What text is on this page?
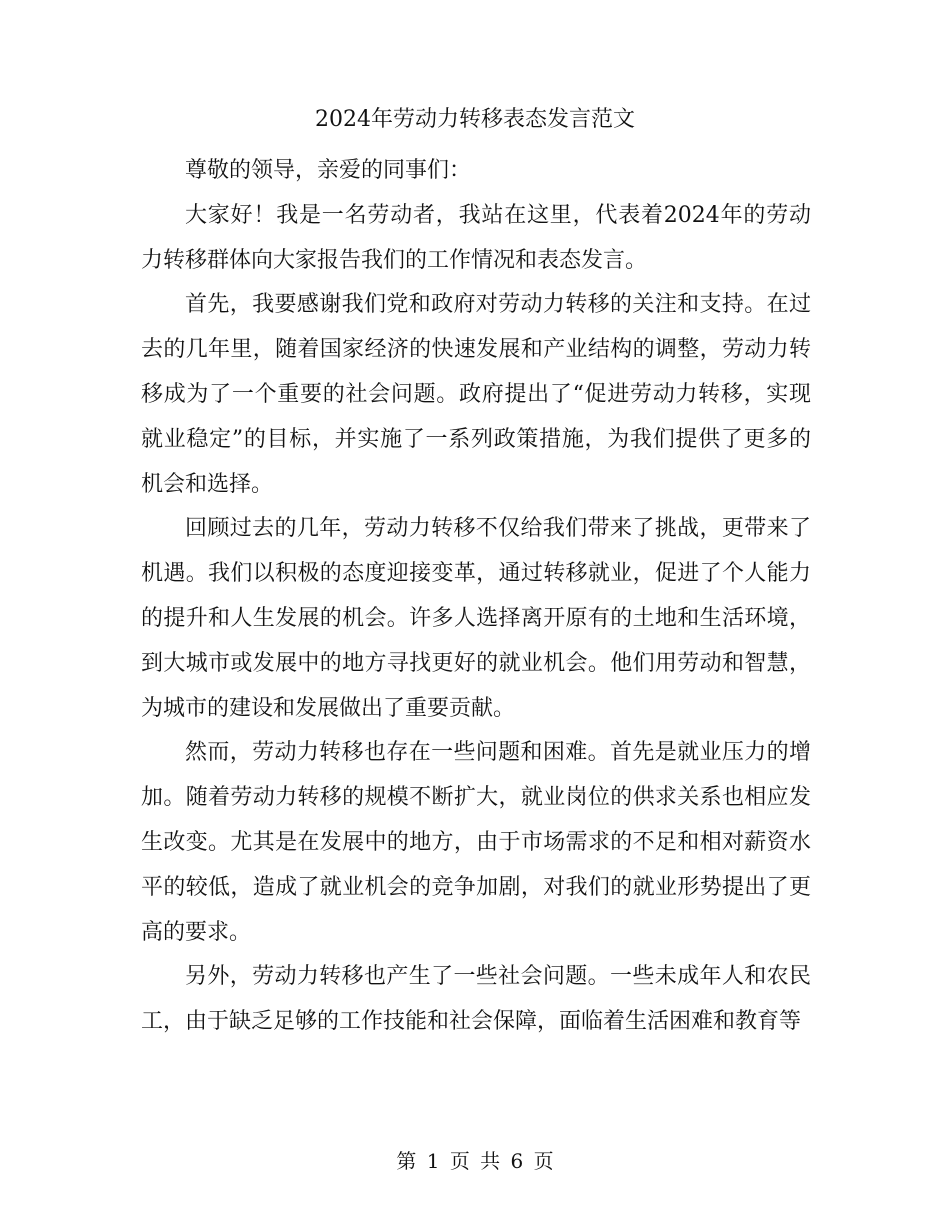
2024年劳动力转移表态发言范文

尊敬的领导，亲爱的同事们：

大家好！我是一名劳动者，我站在这里，代表着2024年的劳动力转移群体向大家报告我们的工作情况和表态发言。

首先，我要感谢我们党和政府对劳动力转移的关注和支持。在过去的几年里，随着国家经济的快速发展和产业结构的调整，劳动力转移成为了一个重要的社会问题。政府提出了“促进劳动力转移，实现就业稳定”的目标，并实施了一系列政策措施，为我们提供了更多的机会和选择。

回顾过去的几年，劳动力转移不仅给我们带来了挑战，更带来了机遇。我们以积极的态度迎接变革，通过转移就业，促进了个人能力的提升和人生发展的机会。许多人选择离开原有的土地和生活环境，到大城市或发展中的地方寻找更好的就业机会。他们用劳动和智慧，为城市的建设和发展做出了重要贡献。

然而，劳动力转移也存在一些问题和困难。首先是就业压力的增加。随着劳动力转移的规模不断扩大，就业岗位的供求关系也相应发生改变。尤其是在发展中的地方，由于市场需求的不足和相对薪资水平的较低，造成了就业机会的竞争加剧，对我们的就业形势提出了更高的要求。

另外，劳动力转移也产生了一些社会问题。一些未成年人和农民工，由于缺乏足够的工作技能和社会保障，面临着生活困难和教育等

第 1 页 共 6 页
